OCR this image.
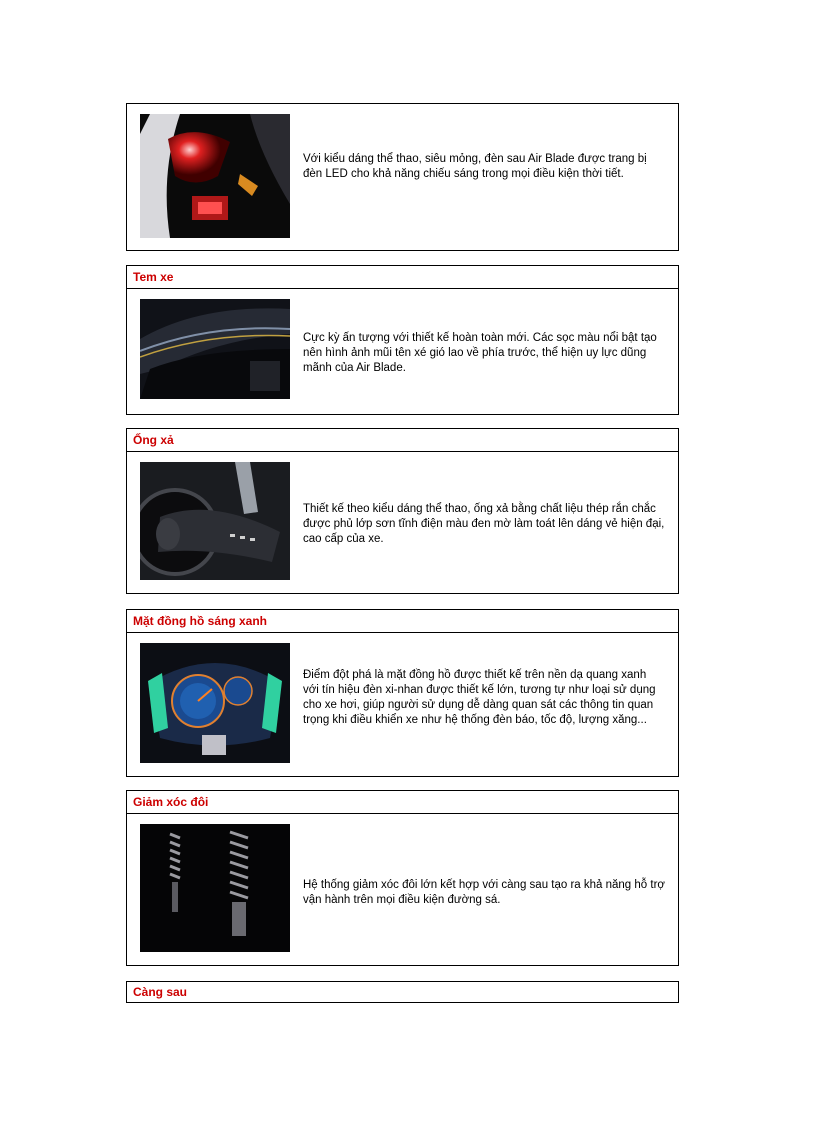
Với kiểu dáng thể thao, siêu mỏng, đèn sau Air Blade được trang bị đèn LED cho khả năng chiếu sáng trong mọi điều kiện thời tiết.
Tem xe
Cực kỳ ấn tượng với thiết kế hoàn toàn mới. Các sọc màu nổi bật tạo nên hình ảnh mũi tên xé gió lao về phía trước, thể hiện uy lực dũng mãnh của Air Blade.
Ống xả
Thiết kế theo kiểu dáng thể thao, ống xả bằng chất liệu thép rắn chắc được phủ lớp sơn tĩnh điện màu đen mờ làm toát lên dáng vẻ hiện đại, cao cấp của xe.
Mặt đồng hồ sáng xanh
Điểm đột phá là mặt đồng hồ được thiết kế trên nền dạ quang xanh với tín hiệu đèn xi-nhan được thiết kế lớn, tương tự như loại sử dụng cho xe hơi, giúp người sử dụng dễ dàng quan sát các thông tin quan trọng khi điều khiển xe như hệ thống đèn báo, tốc độ, lượng xăng...
Giảm xóc đôi
Hệ thống giảm xóc đôi lớn kết hợp với càng sau tạo ra khả năng hỗ trợ vận hành trên mọi điều kiện đường sá.
Càng sau
